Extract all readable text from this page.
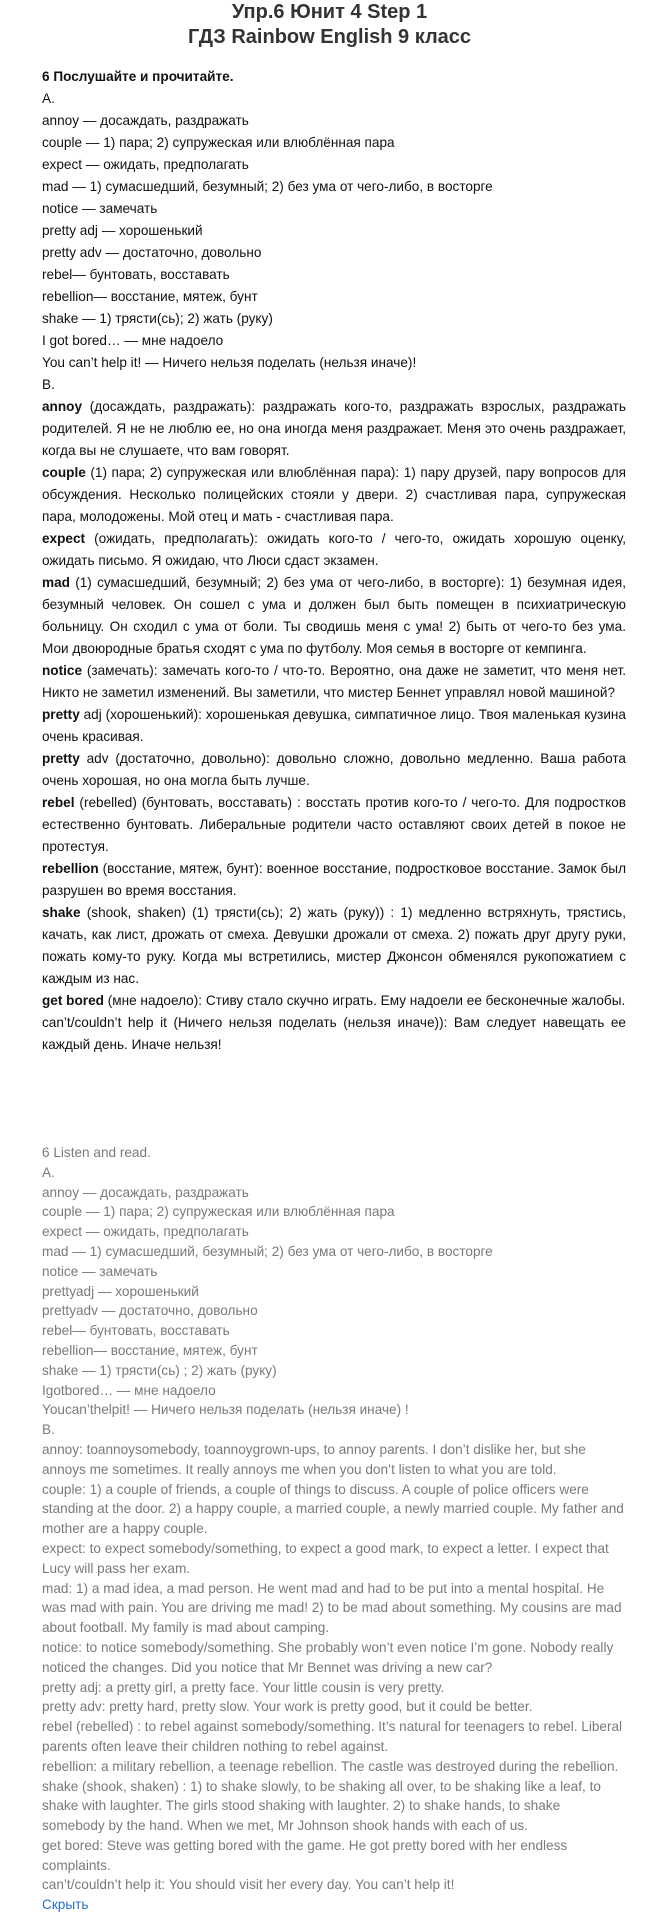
Упр.6 Юнит 4 Step 1
ГДЗ Rainbow English 9 класс
6 Послушайте и прочитайте.
A.
annoy — досаждать, раздражать
couple — 1) пара; 2) супружеская или влюблённая пара
expect — ожидать, предполагать
mad — 1) сумасшедший, безумный; 2) без ума от чего-либо, в восторге
notice — замечать
pretty adj — хорошенький
pretty adv — достаточно, довольно
rebel— бунтовать, восставать
rebellion— восстание, мятеж, бунт
shake — 1) трясти(сь); 2) жать (руку)
I got bored… — мне надоело
You can’t help it! — Ничего нельзя поделать (нельзя иначе)!
B.
annoy (досаждать, раздражать): раздражать кого-то, раздражать взрослых, раздражать родителей. Я не не люблю ее, но она иногда меня раздражает. Меня это очень раздражает, когда вы не слушаете, что вам говорят.
couple (1) пара; 2) супружеская или влюблённая пара): 1) пару друзей, пару вопросов для обсуждения. Несколько полицейских стояли у двери. 2) счастливая пара, супружеская пара, молодожены. Мой отец и мать - счастливая пара.
expect (ожидать, предполагать): ожидать кого-то / чего-то, ожидать хорошую оценку, ожидать письмо. Я ожидаю, что Люси сдаст экзамен.
mad (1) сумасшедший, безумный; 2) без ума от чего-либо, в восторге): 1) безумная идея, безумный человек. Он сошел с ума и должен был быть помещен в психиатрическую больницу. Он сходил с ума от боли. Ты сводишь меня с ума! 2) быть от чего-то без ума. Мои двоюродные братья сходят с ума по футболу. Моя семья в восторге от кемпинга.
notice (замечать): замечать кого-то / что-то. Вероятно, она даже не заметит, что меня нет. Никто не заметил изменений. Вы заметили, что мистер Беннет управлял новой машиной?
pretty adj (хорошенький): хорошенькая девушка, симпатичное лицо. Твоя маленькая кузина очень красивая.
pretty adv (достаточно, довольно): довольно сложно, довольно медленно. Ваша работа очень хорошая, но она могла быть лучше.
rebel (rebelled) (бунтовать, восставать) : восстать против кого-то / чего-то. Для подростков естественно бунтовать. Либеральные родители часто оставляют своих детей в покое не протестуя.
rebellion (восстание, мятеж, бунт): военное восстание, подростковое восстание. Замок был разрушен во время восстания.
shake (shook, shaken) (1) трясти(сь); 2) жать (руку)) : 1) медленно встряхнуть, трястись, качать, как лист, дрожать от смеха. Девушки дрожали от смеха. 2) пожать друг другу руки, пожать кому-то руку. Когда мы встретились, мистер Джонсон обменялся рукопожатием с каждым из нас.
get bored (мне надоело): Стиву стало скучно играть. Ему надоели ее бесконечные жалобы.
can’t/couldn’t help it (Ничего нельзя поделать (нельзя иначе)): Вам следует навещать ее каждый день. Иначе нельзя!
6 Listen and read.
A.
annoy — досаждать, раздражать
couple — 1) пара; 2) супружеская или влюблённая пара
expect — ожидать, предполагать
mad — 1) сумасшедший, безумный; 2) без ума от чего-либо, в восторге
notice — замечать
prettyadj — хорошенький
prettyadv — достаточно, довольно
rebel— бунтовать, восставать
rebellion— восстание, мятеж, бунт
shake — 1) трясти(сь) ; 2) жать (руку)
Igotbored… — мне надоело
Youcan’thelpit! — Ничего нельзя поделать (нельзя иначе) !
B.
annoy: toannoysomebody, toannoygrown-ups, to annoy parents. I don’t dislike her, but she annoys me sometimes. It really annoys me when you don’t listen to what you are told.
couple: 1) a couple of friends, a couple of things to discuss. A couple of police officers were standing at the door. 2) a happy couple, a married couple, a newly married couple. My father and mother are a happy couple.
expect: to expect somebody/something, to expect a good mark, to expect a letter. I expect that Lucy will pass her exam.
mad: 1) a mad idea, a mad person. He went mad and had to be put into a mental hospital. He was mad with pain. You are driving me mad! 2) to be mad about something. My cousins are mad about football. My family is mad about camping.
notice: to notice somebody/something. She probably won’t even notice I’m gone. Nobody really noticed the changes. Did you notice that Mr Bennet was driving a new car?
pretty adj: a pretty girl, a pretty face. Your little cousin is very pretty.
pretty adv: pretty hard, pretty slow. Your work is pretty good, but it could be better.
rebel (rebelled) : to rebel against somebody/something. It’s natural for teenagers to rebel. Liberal parents often leave their children nothing to rebel against.
rebellion: a military rebellion, a teenage rebellion. The castle was destroyed during the rebellion.
shake (shook, shaken) : 1) to shake slowly, to be shaking all over, to be shaking like a leaf, to shake with laughter. The girls stood shaking with laughter. 2) to shake hands, to shake somebody by the hand. When we met, Mr Johnson shook hands with each of us.
get bored: Steve was getting bored with the game. He got pretty bored with her endless complaints.
can’t/couldn’t help it: You should visit her every day. You can’t help it!
Скрыть
